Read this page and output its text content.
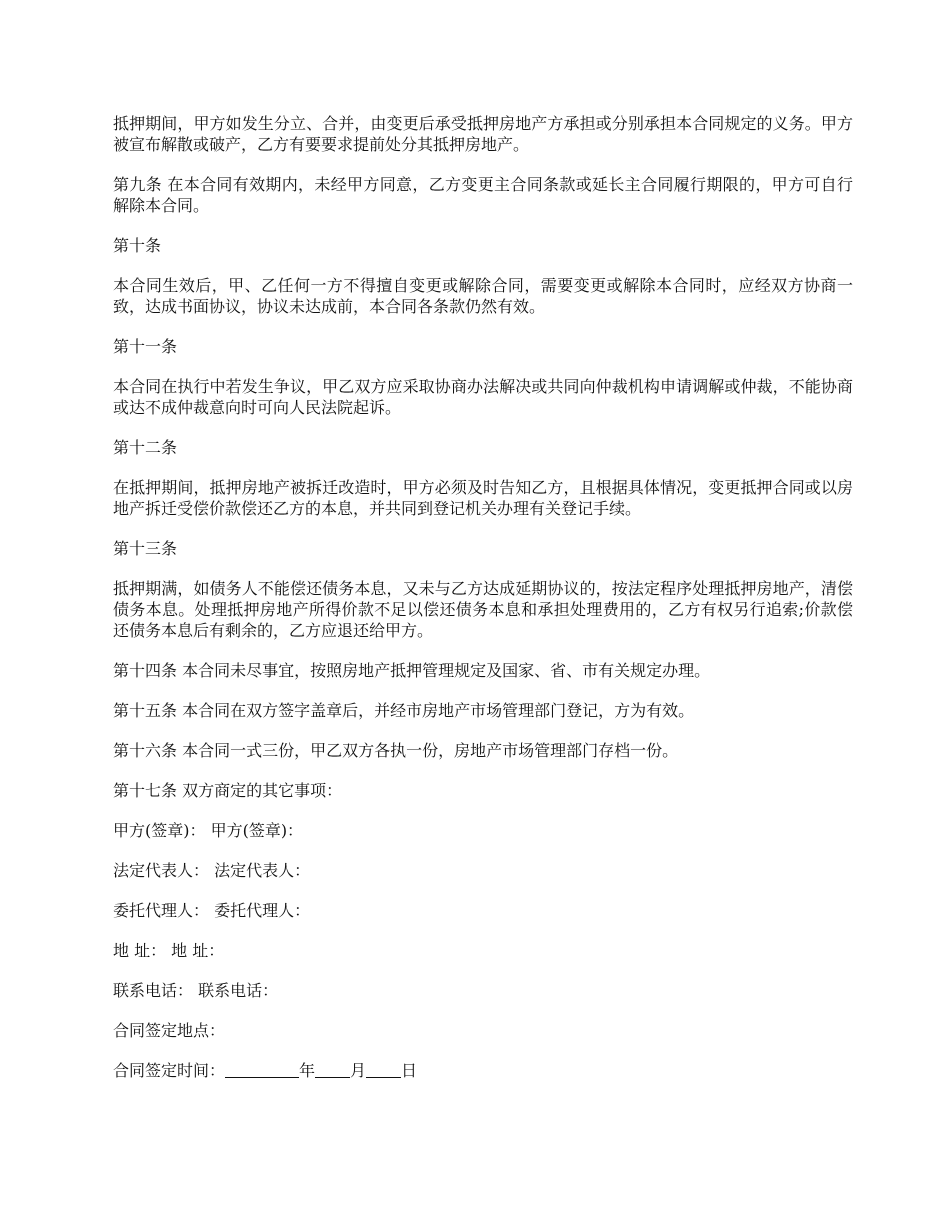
抵押期间，甲方如发生分立、合并，由变更后承受抵押房地产方承担或分别承担本合同规定的义务。甲方被宣布解散或破产，乙方有要要求提前处分其抵押房地产。

第九条 在本合同有效期内，未经甲方同意，乙方变更主合同条款或延长主合同履行期限的，甲方可自行解除本合同。

第十条

本合同生效后，甲、乙任何一方不得擅自变更或解除合同，需要变更或解除本合同时，应经双方协商一致，达成书面协议，协议未达成前，本合同各条款仍然有效。

第十一条

本合同在执行中若发生争议，甲乙双方应采取协商办法解决或共同向仲裁机构申请调解或仲裁，不能协商或达不成仲裁意向时可向人民法院起诉。

第十二条

在抵押期间，抵押房地产被拆迁改造时，甲方必须及时告知乙方，且根据具体情况，变更抵押合同或以房地产拆迁受偿价款偿还乙方的本息，并共同到登记机关办理有关登记手续。

第十三条

抵押期满，如债务人不能偿还债务本息，又未与乙方达成延期协议的，按法定程序处理抵押房地产，清偿债务本息。处理抵押房地产所得价款不足以偿还债务本息和承担处理费用的，乙方有权另行追索;价款偿还债务本息后有剩余的，乙方应退还给甲方。

第十四条 本合同未尽事宜，按照房地产抵押管理规定及国家、省、市有关规定办理。

第十五条 本合同在双方签字盖章后，并经市房地产市场管理部门登记，方为有效。

第十六条 本合同一式三份，甲乙双方各执一份，房地产市场管理部门存档一份。

第十七条 双方商定的其它事项：

甲方(签章)： 甲方(签章)：

法定代表人： 法定代表人：

委托代理人： 委托代理人：

地 址： 地 址：

联系电话： 联系电话：

合同签定地点：

合同签定时间：	年 月 日
